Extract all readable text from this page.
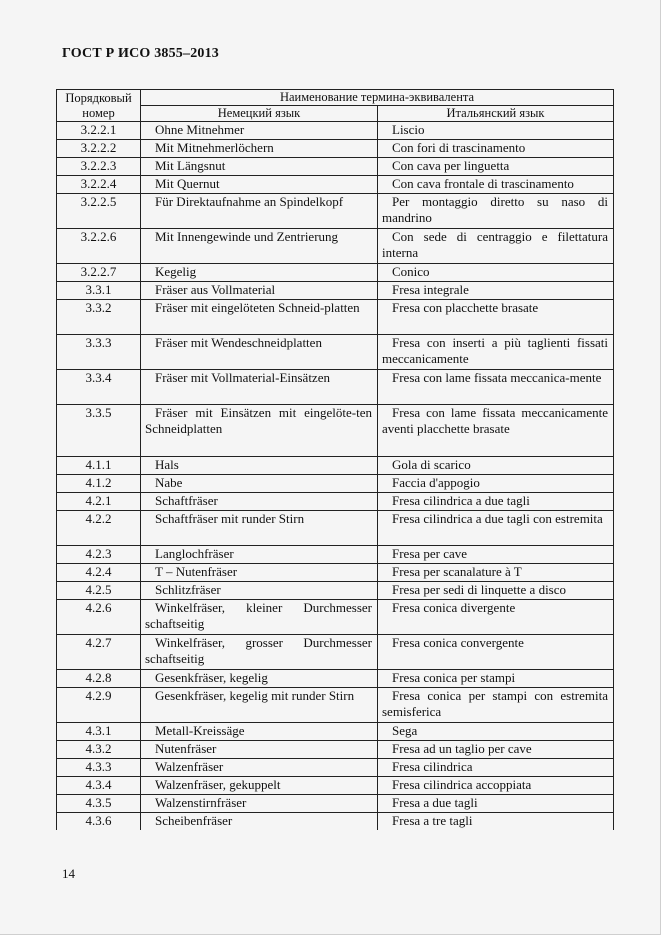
ГОСТ Р ИСО 3855–2013
Порядковый номер	Наименование термина-эквивалента	
	Немецкий язык	Итальянский язык
3.2.2.1	Ohne Mitnehmer	Liscio

3.2.2.2	Mit Mitnehmerlöchern	Con fori di trascinamento

3.2.2.3	Mit Längsnut	Con cava per linguetta

3.2.2.4	Mit Quernut	Con cava frontale di trascinamento

3.2.2.5	Für Direktaufnahme an Spindelkopf	Per montaggio diretto su naso di mandrino

3.2.2.6	Mit Innengewinde und Zentrierung	Con sede di centraggio e filettatura interna

3.2.2.7	Kegelig	Conico

3.3.1	Fräser aus Vollmaterial	Fresa integrale

3.3.2	Fräser mit eingelöteten Schneid-platten	Fresa con placchette brasate

3.3.3	Fräser mit Wendeschneidplatten	Fresa con inserti a più taglienti fissati meccanicamente

3.3.4	Fräser mit Vollmaterial-Einsätzen	Fresa con lame fissata meccanica-mente

3.3.5	Fräser mit Einsätzen mit eingelöte-ten Schneidplatten	Fresa con lame fissata meccanicamente aventi placchette brasate

4.1.1	Hals	Gola di scarico

4.1.2	Nabe	Faccia d'appogio

4.2.1	Schaftfräser	Fresa cilindrica a due tagli

4.2.2	Schaftfräser mit runder Stirn	Fresa cilindrica a due tagli con estremita

4.2.3	Langlochfräser	Fresa per cave

4.2.4	T – Nutenfräser	Fresa per scanalature à T

4.2.5	Schlitzfräser	Fresa per sedi di linquette a disco

4.2.6	Winkelfräser, kleiner Durchmesser schaftseitig	Fresa conica divergente

4.2.7	Winkelfräser, grosser Durchmesser schaftseitig	Fresa conica convergente

4.2.8	Gesenkfräser, kegelig	Fresa conica per stampi

4.2.9	Gesenkfräser, kegelig mit runder Stirn	Fresa conica per stampi con estremita semisferica

4.3.1	Metall-Kreissäge	Sega

4.3.2	Nutenfräser	Fresa ad un taglio per cave

4.3.3	Walzenfräser	Fresa cilindrica

4.3.4	Walzenfräser, gekuppelt	Fresa cilindrica accoppiata

4.3.5	Walzenstirnfräser	Fresa a due tagli

4.3.6	Scheibenfräser	Fresa a tre tagli
14
